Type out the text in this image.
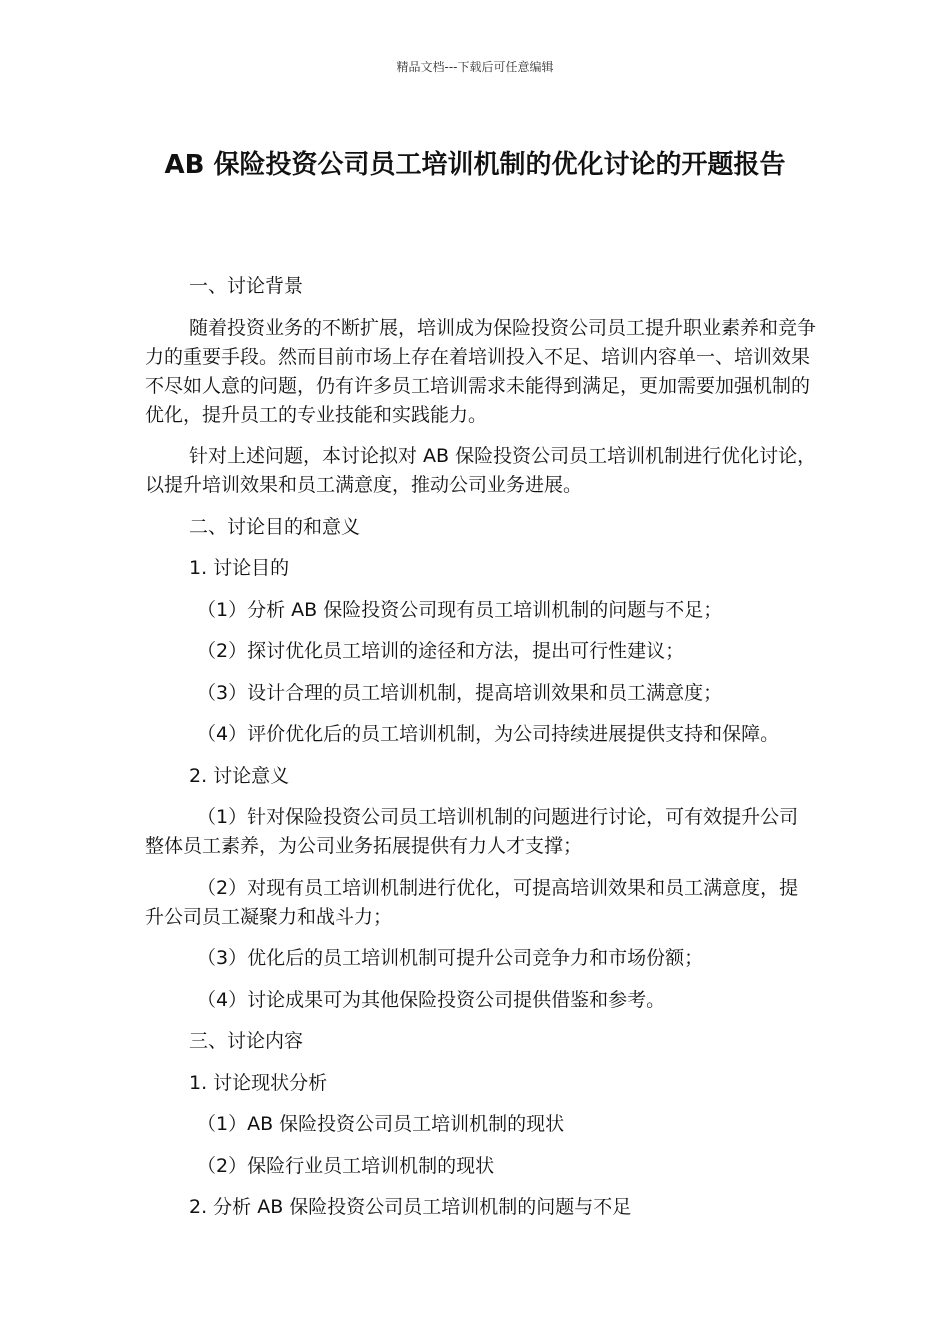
精品文档---下载后可任意编辑
AB 保险投资公司员工培训机制的优化讨论的开题报告

一、讨论背景

随着投资业务的不断扩展，培训成为保险投资公司员工提升职业素养和竞争力的重要手段。然而目前市场上存在着培训投入不足、培训内容单一、培训效果不尽如人意的问题，仍有许多员工培训需求未能得到满足，更加需要加强机制的优化，提升员工的专业技能和实践能力。

针对上述问题，本讨论拟对 AB 保险投资公司员工培训机制进行优化讨论，以提升培训效果和员工满意度，推动公司业务进展。

二、讨论目的和意义

1. 讨论目的

（1）分析 AB 保险投资公司现有员工培训机制的问题与不足；

（2）探讨优化员工培训的途径和方法，提出可行性建议；

（3）设计合理的员工培训机制，提高培训效果和员工满意度；

（4）评价优化后的员工培训机制，为公司持续进展提供支持和保障。

2. 讨论意义

（1）针对保险投资公司员工培训机制的问题进行讨论，可有效提升公司整体员工素养，为公司业务拓展提供有力人才支撑；

（2）对现有员工培训机制进行优化，可提高培训效果和员工满意度，提升公司员工凝聚力和战斗力；

（3）优化后的员工培训机制可提升公司竞争力和市场份额；

（4）讨论成果可为其他保险投资公司提供借鉴和参考。

三、讨论内容

1. 讨论现状分析

（1）AB 保险投资公司员工培训机制的现状

（2）保险行业员工培训机制的现状

2. 分析 AB 保险投资公司员工培训机制的问题与不足
